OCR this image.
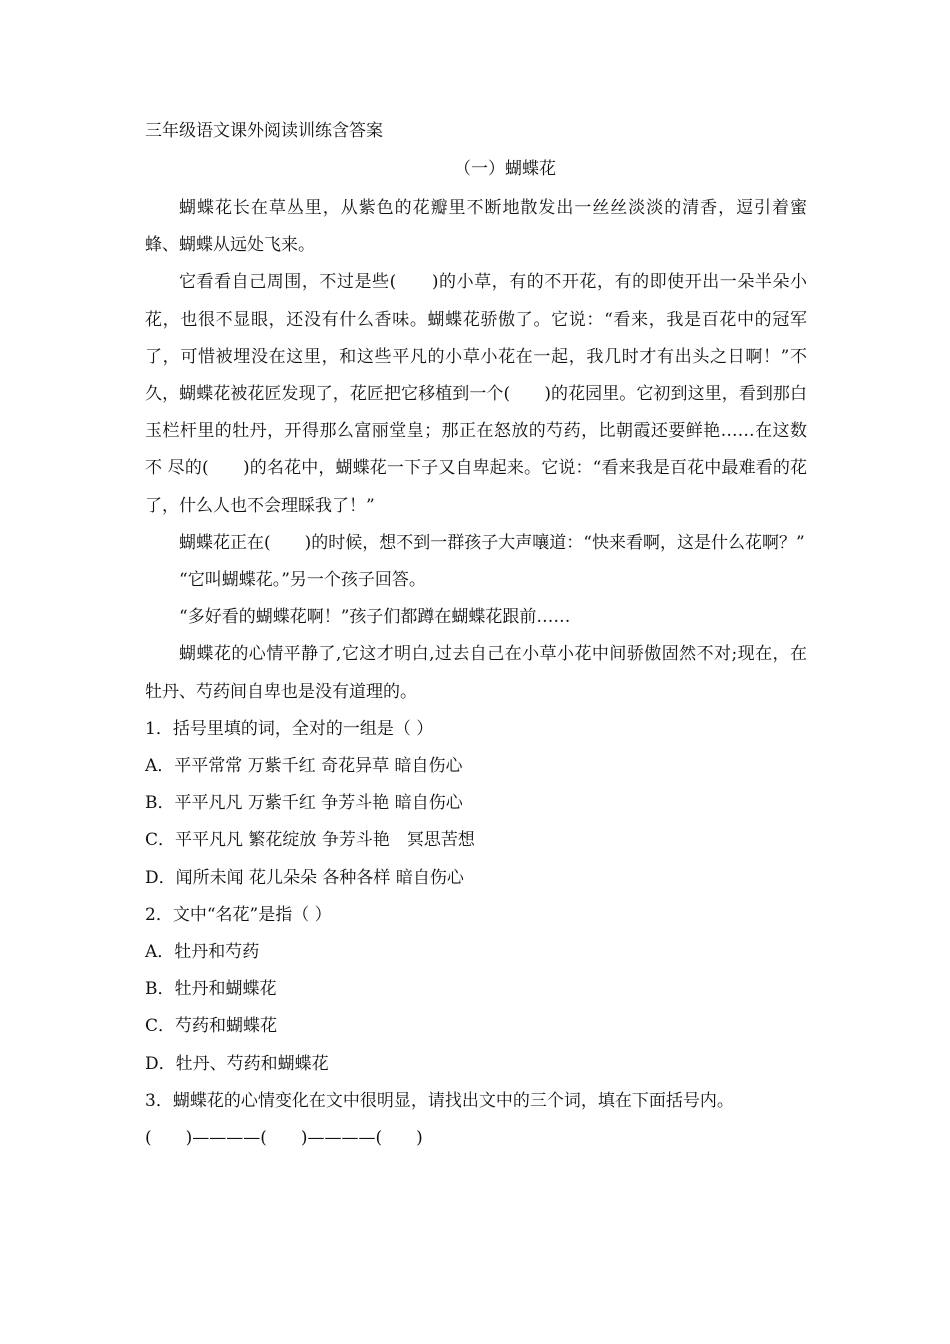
三年级语文课外阅读训练含答案
（一）蝴蝶花

蝴蝶花长在草丛里，从紫色的花瓣里不断地散发出一丝丝淡淡的清香，逗引着蜜蜂、蝴蝶从远处飞来。

它看看自己周围，不过是些(　　)的小草，有的不开花，有的即使开出一朵半朵小花，也很不显眼，还没有什么香味。蝴蝶花骄傲了。它说：“看来，我是百花中的冠军了，可惜被埋没在这里，和这些平凡的小草小花在一起，我几时才有出头之日啊！”不久，蝴蝶花被花匠发现了，花匠把它移植到一个(　　)的花园里。它初到这里，看到那白 玉栏杆里的牡丹，开得那么富丽堂皇；那正在怒放的芍药，比朝霞还要鲜艳……在这数不 尽的(　　)的名花中，蝴蝶花一下子又自卑起来。它说：“看来我是百花中最难看的花了，什么人也不会理睬我了！”

蝴蝶花正在(　　)的时候，想不到一群孩子大声嚷道：“快来看啊，这是什么花啊？”

“它叫蝴蝶花。”另一个孩子回答。

“多好看的蝴蝶花啊！”孩子们都蹲在蝴蝶花跟前……

蝴蝶花的心情平静了,它这才明白,过去自己在小草小花中间骄傲固然不对;现在，在牡丹、芍药间自卑也是没有道理的。

1．括号里填的词，全对的一组是（ ）

A．平平常常 万紫千红 奇花异草 暗自伤心

B．平平凡凡 万紫千红 争芳斗艳 暗自伤心

C．平平凡凡 繁花绽放 争芳斗艳　冥思苦想

D．闻所未闻 花儿朵朵 各种各样 暗自伤心

2．文中“名花”是指（ ）

A．牡丹和芍药

B．牡丹和蝴蝶花

C．芍药和蝴蝶花

D．牡丹、芍药和蝴蝶花

3．蝴蝶花的心情变化在文中很明显，请找出文中的三个词，填在下面括号内。

(　　)————(　　)————(　　)
